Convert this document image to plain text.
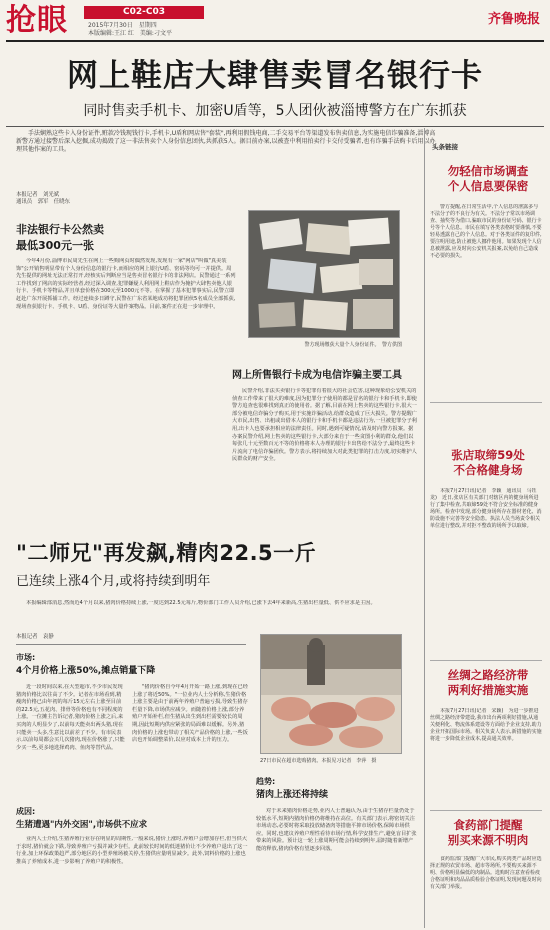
抢眼	C02-C03
2015年7月30日　星期四
本版编辑:王江 红　美编:刁文平
齐鲁晚报
网上鞋店大肆售卖冒名银行卡
同时售卖手机卡、加密U盾等，5人团伙被淄博警方在广东抓获
手法娴熟这些卡入身份证件,赃款冷钱现钱行卡,手机卡,U盾和网店售"套装",再利用假钱电商,二手交易平台等渠道发布售卖信息,为实施电信诈骗准备,淄博高新警方通过接警后深入挖掘,成功捣毁了这一非法售卖个人身份信息团伙,共抓获5人。据目前办案,以被查中利用拍卖行卡交付受骗者,也有诈骗手法购卡后用以办理其他作案的工具。
本报记者　刘光斌
通讯员　郭军　任晓东
非法银行卡公然卖
最低300元一张
今年4月份,淄博市民周先生在网上一些购网页时偶然发现,发现有一家"网店"叫做"真美装饰"公开销售明显带有个人身份信息的银行卡,而相应的网上银行U盾、密码等均可一并提供。周先生提供的网址无法正常打开,经核实后判断应当是售卖冒名银行卡的非法网店。民警通过一系列工作找到了网店的实际经营者,经过深入调查,犯罪嫌疑人利用网上鞋店作为掩护大肆售卖他人银行卡、手机卡等物品,并且单套价格在300元至1000元不等。在掌握了基本犯罪事实后,民警立即赶赴广东开展抓捕工作。经过连续多日蹲守,民警在广东省某地成功将犯罪团伙5名成员全部抓获,现场查获银行卡、手机卡、U盾、身份证等大量作案物品。目前,案件正在进一步审理中。
警方现场缴获大量个人身份证件。　警方供图
网上所售银行卡成为电信诈骗主要工具
民警介绍,非法买卖银行卡等犯罪有着很大的社会危害,这种现象给公安机关的侦查工作带来了很大的难度,因为犯罪分子使用的都是冒名的银行卡和手机卡,即使警方追查也很难找到真正的使用者。据了解,目前在网上售卖的这些银行卡,很大一部分被电信诈骗分子购买,用于实施诈骗活动,给群众造成了巨大损失。警方提醒广大市民,出售、出租或出借本人的银行卡和手机卡都是违法行为,一旦被犯罪分子利用,出卡人也要承担相应的法律责任。同时,遇到可疑情况,请及时向警方报案。据办案民警介绍,网上售卖的这些银行卡,大部分来自于一些贪图小利的群众,他们以每张几十元至数百元不等的价格将本人办理的银行卡出售给不法分子,最终这些卡片流向了电信诈骗团伙。警方表示,将持续加大对此类犯罪的打击力度,切实维护人民群众的财产安全。
"二师兄"再发飙,精肉22.5一斤
已连续上涨4个月,或将持续到明年
本报编辑部消息,然而近4个月以来,猪肉价格持续上涨,一度达到22.5元每斤,物价部门工作人员介绍,已涨下去4年来新高,生猪出栏量低、供不应求是主因。
本报记者　袁静
市场:
4个月价格上涨50%,摊点销量下降
近一段时间以来,在大型超市,不少市民发现猪肉价格比以往高了不少。记者在市场看到,精瘦肉价格已由年初的每斤15元左右上涨至目前的22.5元,五花肉、排骨等价格也有不同程度的上涨。一位摊主告诉记者,猪肉价格上涨之后,来买肉的人明显少了,以前每天能卖出两头猪,现在只能卖一头多,生意比以前差了不少。有市民表示,以前每周都会买几次猪肉,现在价格涨了,只能少买一些,更多地选择鸡肉、鱼肉等替代品。
"猪肉价格自今年4月开始一路上涨,到现在已经上涨了将近50%。"一位业内人士分析称,生猪价格上涨主要是由于前两年养殖户普遍亏损,导致生猪存栏量下降,市场供应减少。而随着价格上涨,部分养殖户开始补栏,但生猪从出生到出栏需要较长的周期,因此短期内供应紧张的局面难以缓解。另外,猪肉价格的上涨也带动了相关产品价格的上涨,一些饭店也开始调整菜价,以应对成本上升的压力。
成因:
生猪遭遇"内外交困",市场供不应求
业内人士介绍,生猪养殖行业存在明显的周期性,一般来说,猪价上涨时,养殖户会增加存栏,但当供大于求时,猪价就会下跌,导致养殖户亏损并减少存栏。此前较长时间的低迷猪价让不少养殖户退出了这一行业,加上环保政策趋严,部分地区的小型养殖场被关停,生猪供应量明显减少。此外,饲料价格的上涨也推高了养殖成本,进一步影响了养殖户的积极性。
27日市民在超市选购猪肉。本报见习记者　李萍　摄
趋势:
猪肉上涨还将持续
对于未来猪肉价格走势,业内人士普遍认为,由于生猪存栏量仍处于较低水平,短期内猪肉价格仍将维持在高位。有关部门表示,将密切关注市场动态,必要时将采取投放储备肉等措施平抑市场价格,保障市场供应。同时,也建议养殖户理性看待市场行情,科学安排生产,避免盲目扩张带来的风险。预计这一轮上涨周期可能会持续到明年,届时随着新增产能的释放,猪肉价格有望逐步回落。
头条链接
勿轻信市场调查
个人信息要保密
警方提醒,在日常生活中,个人信息的泄露多与不法分子的不良行为有关。不法分子常以市场调查、抽奖等为借口,骗取市民的身份证号码、银行卡号等个人信息。市民在填写各类表格时要谨慎,不要轻易透露自己的个人信息。对于各类证件的复印件,要注明用途,防止被他人挪作他用。如果发现个人信息被泄露,应及时向公安机关报案,以免给自己造成不必要的损失。
张店取缔59处
不合格健身场
本报7月27日讯(记者　李颖　通讯员　马钰龙)　近日,张店区有关部门对辖区内的健身场所进行了集中检查,共取缔59处不符合安全标准的健身场所。检查中发现,部分健身场所存在器材老化、消防设施不完善等安全隐患。执法人员当场责令相关单位进行整改,并对拒不整改的场所予以取缔。
丝绸之路经济带
两利好措施实施
本报7月27日讯(记者　宋颖)　为进一步推进丝绸之路经济带建设,我市出台两项利好措施,从通关便利化、物流体系建设等方面给予企业支持,助力企业开拓国际市场。相关负责人表示,新措施的实施将进一步降低企业成本,提高通关效率。
食药部门提醒
别买来源不明肉
食药监部门提醒广大市民,购买肉类产品时应选择正规的农贸市场、超市等场所,不要购买来源不明、价格明显偏低的肉制品。选购时注意查看检疫合格证明和肉品品质检验合格证明,发现问题及时向有关部门举报。
